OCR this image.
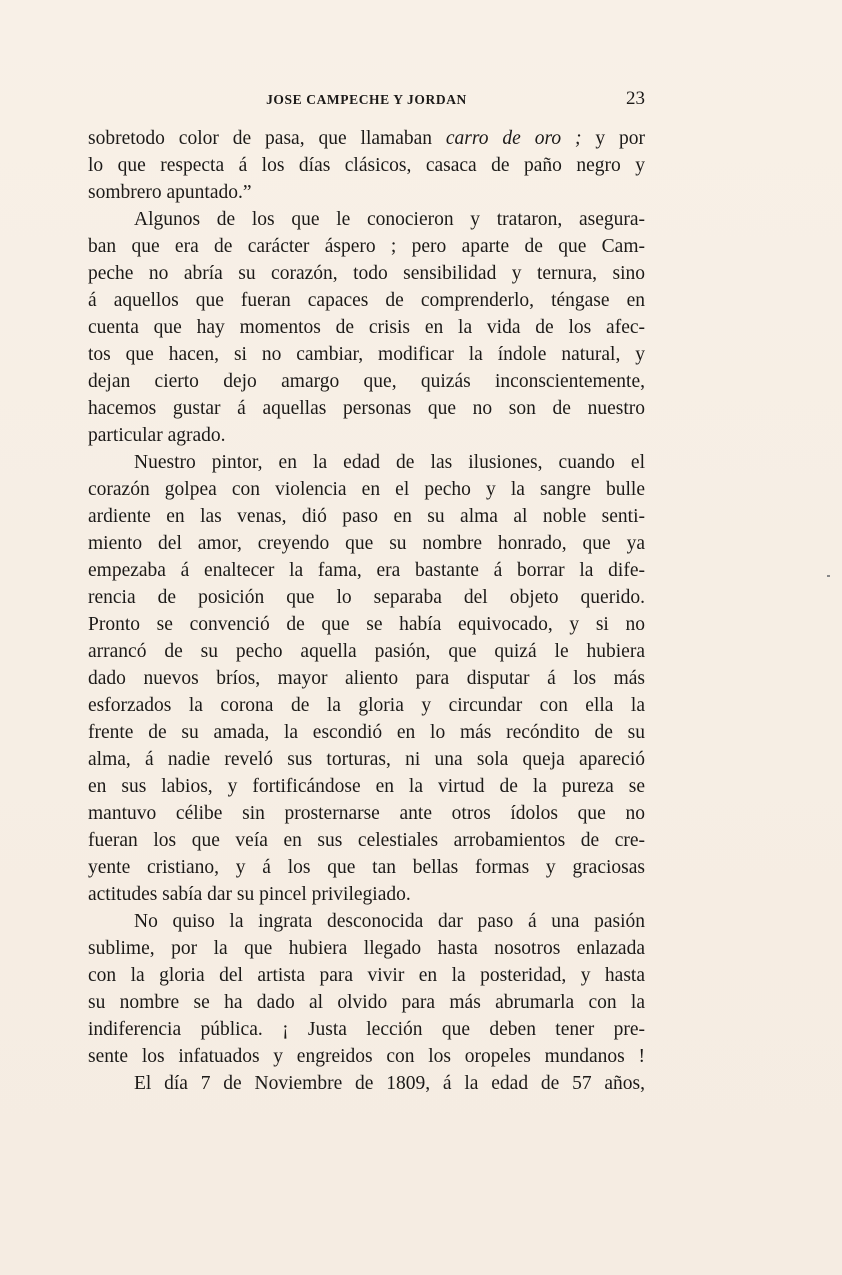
JOSE CAMPECHE Y JORDAN	23
sobretodo color de pasa, que llamaban carro de oro ; y por
lo que respecta á los días clásicos, casaca de paño negro y
sombrero apuntado.”
Algunos de los que le conocieron y trataron, asegura-
ban que era de carácter áspero ; pero aparte de que Cam-
peche no abría su corazón, todo sensibilidad y ternura, sino
á aquellos que fueran capaces de comprenderlo, téngase en
cuenta que hay momentos de crisis en la vida de los afec-
tos que hacen, si no cambiar, modificar la índole natural, y
dejan cierto dejo amargo que, quizás inconscientemente,
hacemos gustar á aquellas personas que no son de nuestro
particular agrado.
Nuestro pintor, en la edad de las ilusiones, cuando el
corazón golpea con violencia en el pecho y la sangre bulle
ardiente en las venas, dió paso en su alma al noble senti-
miento del amor, creyendo que su nombre honrado, que ya
empezaba á enaltecer la fama, era bastante á borrar la dife-
rencia de posición que lo separaba del objeto querido.
Pronto se convenció de que se había equivocado, y si no
arrancó de su pecho aquella pasión, que quizá le hubiera
dado nuevos bríos, mayor aliento para disputar á los más
esforzados la corona de la gloria y circundar con ella la
frente de su amada, la escondió en lo más recóndito de su
alma, á nadie reveló sus torturas, ni una sola queja apareció
en sus labios, y fortificándose en la virtud de la pureza se
mantuvo célibe sin prosternarse ante otros ídolos que no
fueran los que veía en sus celestiales arrobamientos de cre-
yente cristiano, y á los que tan bellas formas y graciosas
actitudes sabía dar su pincel privilegiado.
No quiso la ingrata desconocida dar paso á una pasión
sublime, por la que hubiera llegado hasta nosotros enlazada
con la gloria del artista para vivir en la posteridad, y hasta
su nombre se ha dado al olvido para más abrumarla con la
indiferencia pública. ¡ Justa lección que deben tener pre-
sente los infatuados y engreidos con los oropeles mundanos !
El día 7 de Noviembre de 1809, á la edad de 57 años,
